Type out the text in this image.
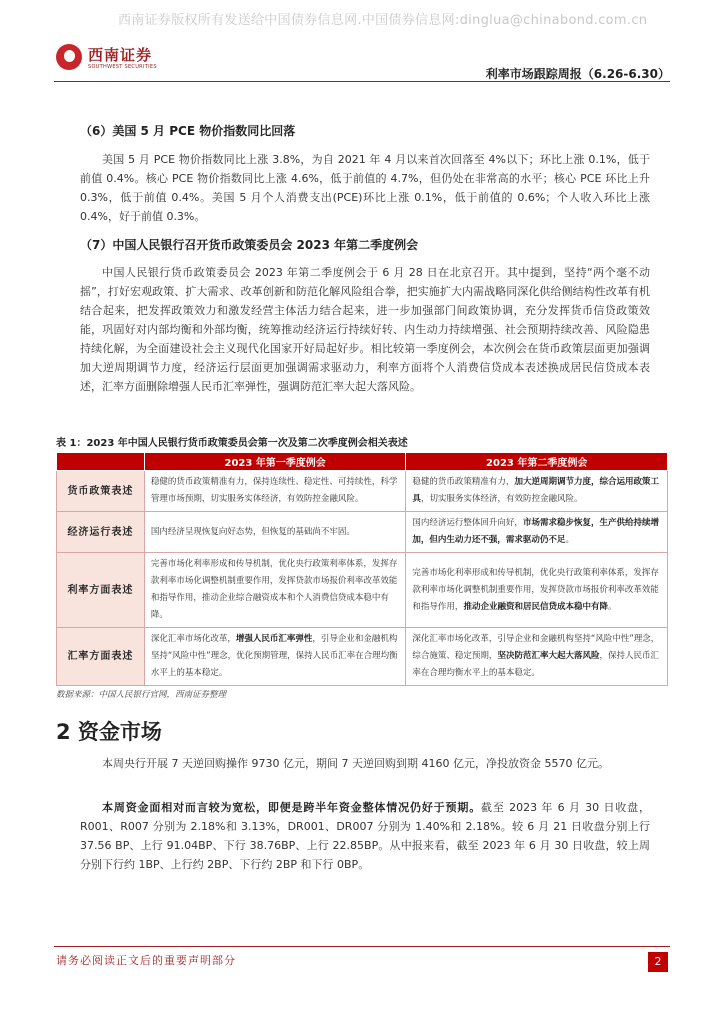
西南证券版权所有发送给中国债券信息网.中国债券信息网:dinglua@chinabond.com.cn
西南证券
SOUTHWEST SECURITIES	利率市场跟踪周报（6.26-6.30）
（6）美国 5 月 PCE 物价指数同比回落
美国 5 月 PCE 物价指数同比上涨 3.8%，为自 2021 年 4 月以来首次回落至 4%以下；环比上涨 0.1%，低于前值 0.4%。核心 PCE 物价指数同比上涨 4.6%，低于前值的 4.7%，但仍处在非常高的水平；核心 PCE 环比上升 0.3%，低于前值 0.4%。美国 5 月个人消费支出(PCE)环比上涨 0.1%，低于前值的 0.6%；个人收入环比上涨 0.4%，好于前值 0.3%。
（7）中国人民银行召开货币政策委员会 2023 年第二季度例会
中国人民银行货币政策委员会 2023 年第二季度例会于 6 月 28 日在北京召开。其中提到，坚持“两个毫不动摇”，打好宏观政策、扩大需求、改革创新和防范化解风险组合拳，把实施扩大内需战略同深化供给侧结构性改革有机结合起来，把发挥政策效力和激发经营主体活力结合起来，进一步加强部门间政策协调，充分发挥货币信贷政策效能，巩固好对内部均衡和外部均衡，统筹推动经济运行持续好转、内生动力持续增强、社会预期持续改善、风险隐患持续化解，为全面建设社会主义现代化国家开好局起好步。相比较第一季度例会，本次例会在货币政策层面更加强调加大逆周期调节力度，经济运行层面更加强调需求驱动力，利率方面将个人消费信贷成本表述换成居民信贷成本表述，汇率方面删除增强人民币汇率弹性，强调防范汇率大起大落风险。
表 1：2023 年中国人民银行货币政策委员会第一次及第二次季度例会相关表述
	2023 年第一季度例会	2023 年第二季度例会
货币政策表述	稳健的货币政策精准有力，保持连续性、稳定性、可持续性，科学管理市场预期，切实服务实体经济，有效防控金融风险。	稳健的货币政策精准有力，加大逆周期调节力度，综合运用政策工具，切实服务实体经济，有效防控金融风险。
经济运行表述	国内经济呈现恢复向好态势，但恢复的基础尚不牢固。	国内经济运行整体回升向好，市场需求稳步恢复，生产供给持续增加，但内生动力还不强，需求驱动仍不足。
利率方面表述	完善市场化利率形成和传导机制，优化央行政策利率体系，发挥存款利率市场化调整机制重要作用，发挥贷款市场报价利率改革效能和指导作用，推动企业综合融资成本和个人消费信贷成本稳中有降。	完善市场化利率形成和传导机制，优化央行政策利率体系，发挥存款利率市场化调整机制重要作用，发挥贷款市场报价利率改革效能和指导作用，推动企业融资和居民信贷成本稳中有降。
汇率方面表述	深化汇率市场化改革，增强人民币汇率弹性，引导企业和金融机构坚持“风险中性”理念，优化预期管理，保持人民币汇率在合理均衡水平上的基本稳定。	深化汇率市场化改革，引导企业和金融机构坚持“风险中性”理念，综合施策、稳定预期，坚决防范汇率大起大落风险，保持人民币汇率在合理均衡水平上的基本稳定。
数据来源：中国人民银行官网，西南证券整理
2 资金市场
本周央行开展 7 天逆回购操作 9730 亿元，期间 7 天逆回购到期 4160 亿元，净投放资金 5570 亿元。
本周资金面相对而言较为宽松，即便是跨半年资金整体情况仍好于预期。截至 2023 年 6 月 30 日收盘，R001、R007 分别为 2.18%和 3.13%，DR001、DR007 分别为 1.40%和 2.18%。较 6 月 21 日收盘分别上行 37.56 BP、上行 91.04BP、下行 38.76BP、上行 22.85BP。从中报来看，截至 2023 年 6 月 30 日收盘，较上周分别下行约 1BP、上行约 2BP、下行约 2BP 和下行 0BP。
请务必阅读正文后的重要声明部分	2
